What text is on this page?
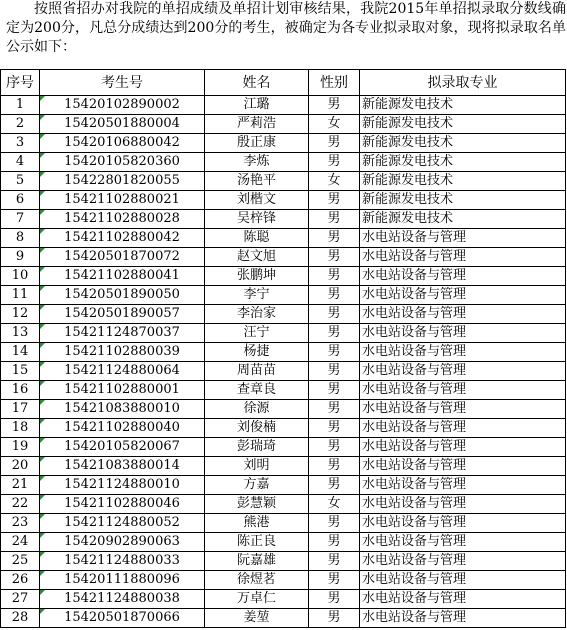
按照省招办对我院的单招成绩及单招计划审核结果，我院2015年单招拟录取分数线确定为200分，凡总分成绩达到200分的考生，被确定为各专业拟录取对象，现将拟录取名单公示如下：

序号	考生号	姓名	性别	拟录取专业
1	15420102890002	江璐	男	新能源发电技术
2	15420501880004	严莉浩	女	新能源发电技术
3	15420106880042	殷正康	男	新能源发电技术
4	15420105820360	李炼	男	新能源发电技术
5	15422801820055	汤艳平	女	新能源发电技术
6	15421102880021	刘楷文	男	新能源发电技术
7	15421102880028	吴梓锋	男	新能源发电技术
8	15421102880042	陈聪	男	水电站设备与管理
9	15420501870072	赵文旭	男	水电站设备与管理
10	15421102880041	张鹏坤	男	水电站设备与管理
11	15420501890050	李宁	男	水电站设备与管理
12	15420501890057	李治家	男	水电站设备与管理
13	15421124870037	汪宁	男	水电站设备与管理
14	15421102880039	杨捷	男	水电站设备与管理
15	15421124880064	周苗苗	男	水电站设备与管理
16	15421102880001	查章良	男	水电站设备与管理
17	15421083880010	徐源	男	水电站设备与管理
18	15421102880040	刘俊楠	男	水电站设备与管理
19	15420105820067	彭瑞琦	男	水电站设备与管理
20	15421083880014	刘明	男	水电站设备与管理
21	15421124880010	方嘉	男	水电站设备与管理
22	15421102880046	彭慧颖	女	水电站设备与管理
23	15421124880052	熊港	男	水电站设备与管理
24	15420902890063	陈正良	男	水电站设备与管理
25	15421124880033	阮嘉雄	男	水电站设备与管理
26	15420111880096	徐煜茗	男	水电站设备与管理
27	15421124880038	万卓仁	男	水电站设备与管理
28	15420501870066	姜堃	男	水电站设备与管理
